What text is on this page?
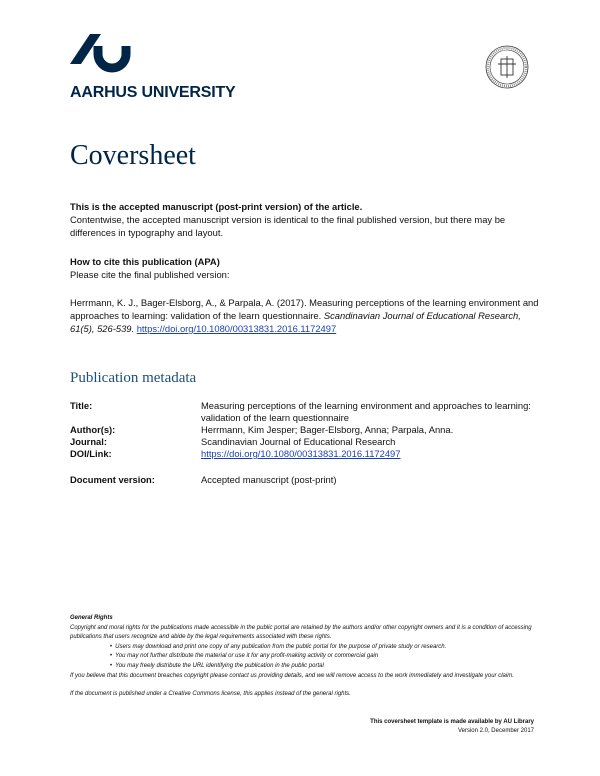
AARHUS UNIVERSITY
Coversheet
This is the accepted manuscript (post-print version) of the article.
Contentwise, the accepted manuscript version is identical to the final published version, but there may be differences in typography and layout.
How to cite this publication (APA)
Please cite the final published version:
Herrmann, K. J., Bager-Elsborg, A., & Parpala, A. (2017). Measuring perceptions of the learning environment and approaches to learning: validation of the learn questionnaire. Scandinavian Journal of Educational Research, 61(5), 526-539. https://doi.org/10.1080/00313831.2016.1172497
Publication metadata
Title:	Measuring perceptions of the learning environment and approaches to learning: validation of the learn questionnaire
Author(s):	Herrmann, Kim Jesper; Bager-Elsborg, Anna; Parpala, Anna.
Journal:	Scandinavian Journal of Educational Research
DOI/Link:	https://doi.org/10.1080/00313831.2016.1172497
Document version:	Accepted manuscript (post-print)
General Rights
Copyright and moral rights for the publications made accessible in the public portal are retained by the authors and/or other copyright owners and it is a condition of accessing publications that users recognize and abide by the legal requirements associated with these rights.
• Users may download and print one copy of any publication from the public portal for the purpose of private study or research.
• You may not further distribute the material or use it for any profit-making activity or commercial gain
• You may freely distribute the URL identifying the publication in the public portal
If you believe that this document breaches copyright please contact us providing details, and we will remove access to the work immediately and investigate your claim.
If the document is published under a Creative Commons license, this applies instead of the general rights.
This coversheet template is made available by AU Library
Version 2.0, December 2017
